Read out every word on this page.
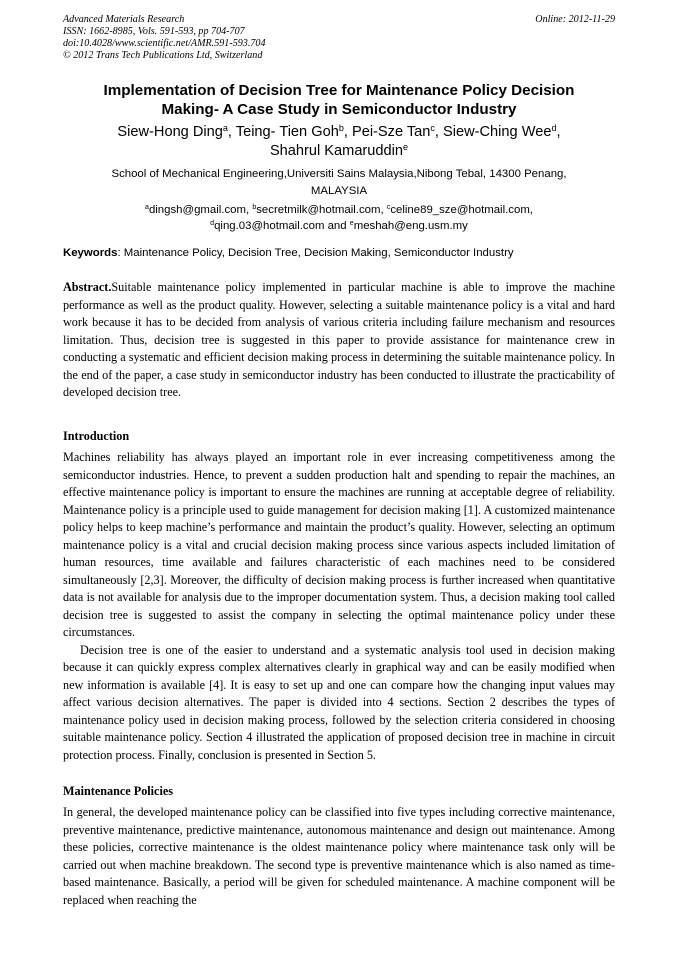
Advanced Materials Research
ISSN: 1662-8985, Vols. 591-593, pp 704-707
doi:10.4028/www.scientific.net/AMR.591-593.704
© 2012 Trans Tech Publications Ltd, Switzerland
Online: 2012-11-29
Implementation of Decision Tree for Maintenance Policy Decision
Making- A Case Study in Semiconductor Industry
Siew-Hong Ding$^a$, Teing- Tien Goh$^b$, Pei-Sze Tan$^c$, Siew-Ching Wee$^d$,
Shahrul Kamaruddin$^e$
School of Mechanical Engineering,Universiti Sains Malaysia,Nibong Tebal, 14300 Penang,
MALAYSIA
$^a$dingsh@gmail.com, $^b$secretmilk@hotmail.com, $^c$celine89_sze@hotmail.com,
$^d$qing.03@hotmail.com and $^e$meshah@eng.usm.my
Keywords: Maintenance Policy, Decision Tree, Decision Making, Semiconductor Industry

Abstract.Suitable maintenance policy implemented in particular machine is able to improve the machine performance as well as the product quality. However, selecting a suitable maintenance policy is a vital and hard work because it has to be decided from analysis of various criteria including failure mechanism and resources limitation. Thus, decision tree is suggested in this paper to provide assistance for maintenance crew in conducting a systematic and efficient decision making process in determining the suitable maintenance policy. In the end of the paper, a case study in semiconductor industry has been conducted to illustrate the practicability of developed decision tree.

Introduction

Machines reliability has always played an important role in ever increasing competitiveness among the semiconductor industries. Hence, to prevent a sudden production halt and spending to repair the machines, an effective maintenance policy is important to ensure the machines are running at acceptable degree of reliability. Maintenance policy is a principle used to guide management for decision making [1]. A customized maintenance policy helps to keep machine’s performance and maintain the product’s quality. However, selecting an optimum maintenance policy is a vital and crucial decision making process since various aspects included limitation of human resources, time available and failures characteristic of each machines need to be considered simultaneously [2,3]. Moreover, the difficulty of decision making process is further increased when quantitative data is not available for analysis due to the improper documentation system. Thus, a decision making tool called decision tree is suggested to assist the company in selecting the optimal maintenance policy under these circumstances.

Decision tree is one of the easier to understand and a systematic analysis tool used in decision making because it can quickly express complex alternatives clearly in graphical way and can be easily modified when new information is available [4]. It is easy to set up and one can compare how the changing input values may affect various decision alternatives. The paper is divided into 4 sections. Section 2 describes the types of maintenance policy used in decision making process, followed by the selection criteria considered in choosing suitable maintenance policy. Section 4 illustrated the application of proposed decision tree in machine in circuit protection process. Finally, conclusion is presented in Section 5.

Maintenance Policies

In general, the developed maintenance policy can be classified into five types including corrective maintenance, preventive maintenance, predictive maintenance, autonomous maintenance and design out maintenance. Among these policies, corrective maintenance is the oldest maintenance policy where maintenance task only will be carried out when machine breakdown. The second type is preventive maintenance which is also named as time-based maintenance. Basically, a period will be given for scheduled maintenance. A machine component will be replaced when reaching the
